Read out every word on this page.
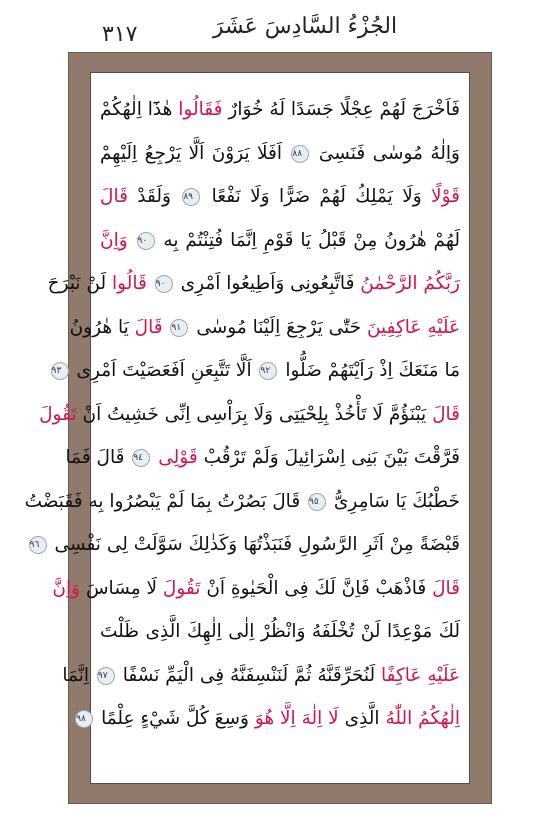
٣١٧	الجُزْءُ السَّادِسَ عَشَرَ
فَاَخْرَجَ لَهُمْ عِجْلًا جَسَدًا لَهُ خُوَارٌ فَقَالُوا هٰذَٓا اِلٰهُكُمْ
وَاِلٰهُ مُوسٰى فَنَسِىَ ٨٨ اَفَلَا يَرَوْنَ اَلَّا يَرْجِعُ اِلَيْهِمْ
قَوْلًا وَلَا يَمْلِكُ لَهُمْ ضَرًّا وَلَا نَفْعًا ٨٩ وَلَقَدْ قَالَ
لَهُمْ هٰرُونُ مِنْ قَبْلُ يَا قَوْمِ اِنَّمَا فُتِنْتُمْ بِه ٩٠ وَاِنَّ
رَبَّكُمُ الرَّحْمٰنُ فَاتَّبِعُونِى وَاَطِيعُوا اَمْرِى ٩٠ قَالُوا لَنْ نَبْرَحَ
عَلَيْهِ عَاكِفِينَ حَتّٰى يَرْجِعَ اِلَيْنَا مُوسٰى ٩١ قَالَ يَا هٰرُونُ
مَا مَنَعَكَ اِذْ رَاَيْتَهُمْ ضَلُّوا ٩٢ اَلَّا تَتَّبِعَنِ اَفَعَصَيْتَ اَمْرِى ٩٣
قَالَ يَبْنَؤُمَّ لَا تَأْخُذْ بِلِحْيَتِى وَلَا بِرَاْسِى اِنِّى خَشِيتُ اَنْ تَقُولَ
فَرَّقْتَ بَيْنَ بَنِى اِسْرَائِيلَ وَلَمْ تَرْقُبْ قَوْلِى ٩٤ قَالَ فَمَا
خَطْبُكَ يَا سَامِرِىُّ ٩٥ قَالَ بَصُرْتُ بِمَا لَمْ يَبْصُرُوا بِه فَقَبَضْتُ
قَبْضَةً مِنْ اَثَرِ الرَّسُولِ فَنَبَذْتُهَا وَكَذٰلِكَ سَوَّلَتْ لِى نَفْسِى ٩٦
قَالَ فَاذْهَبْ فَاِنَّ لَكَ فِى الْحَيٰوةِ اَنْ تَقُولَ لَا مِسَاسَ وَاِنَّ
لَكَ مَوْعِدًا لَنْ تُخْلَفَهُ وَانْظُرْ اِلٰى اِلٰهِكَ الَّذِى ظَلْتَ
عَلَيْهِ عَاكِفًا لَنُحَرِّقَنَّهُ ثُمَّ لَنَنْسِفَنَّهُ فِى الْيَمِّ نَسْفًا ٩٧ اِنَّمَا
اِلٰهُكُمُ اللّٰهُ الَّذِى لَا اِلٰهَ اِلَّا هُوَ وَسِعَ كُلَّ شَيْءٍ عِلْمًا ٩٨
